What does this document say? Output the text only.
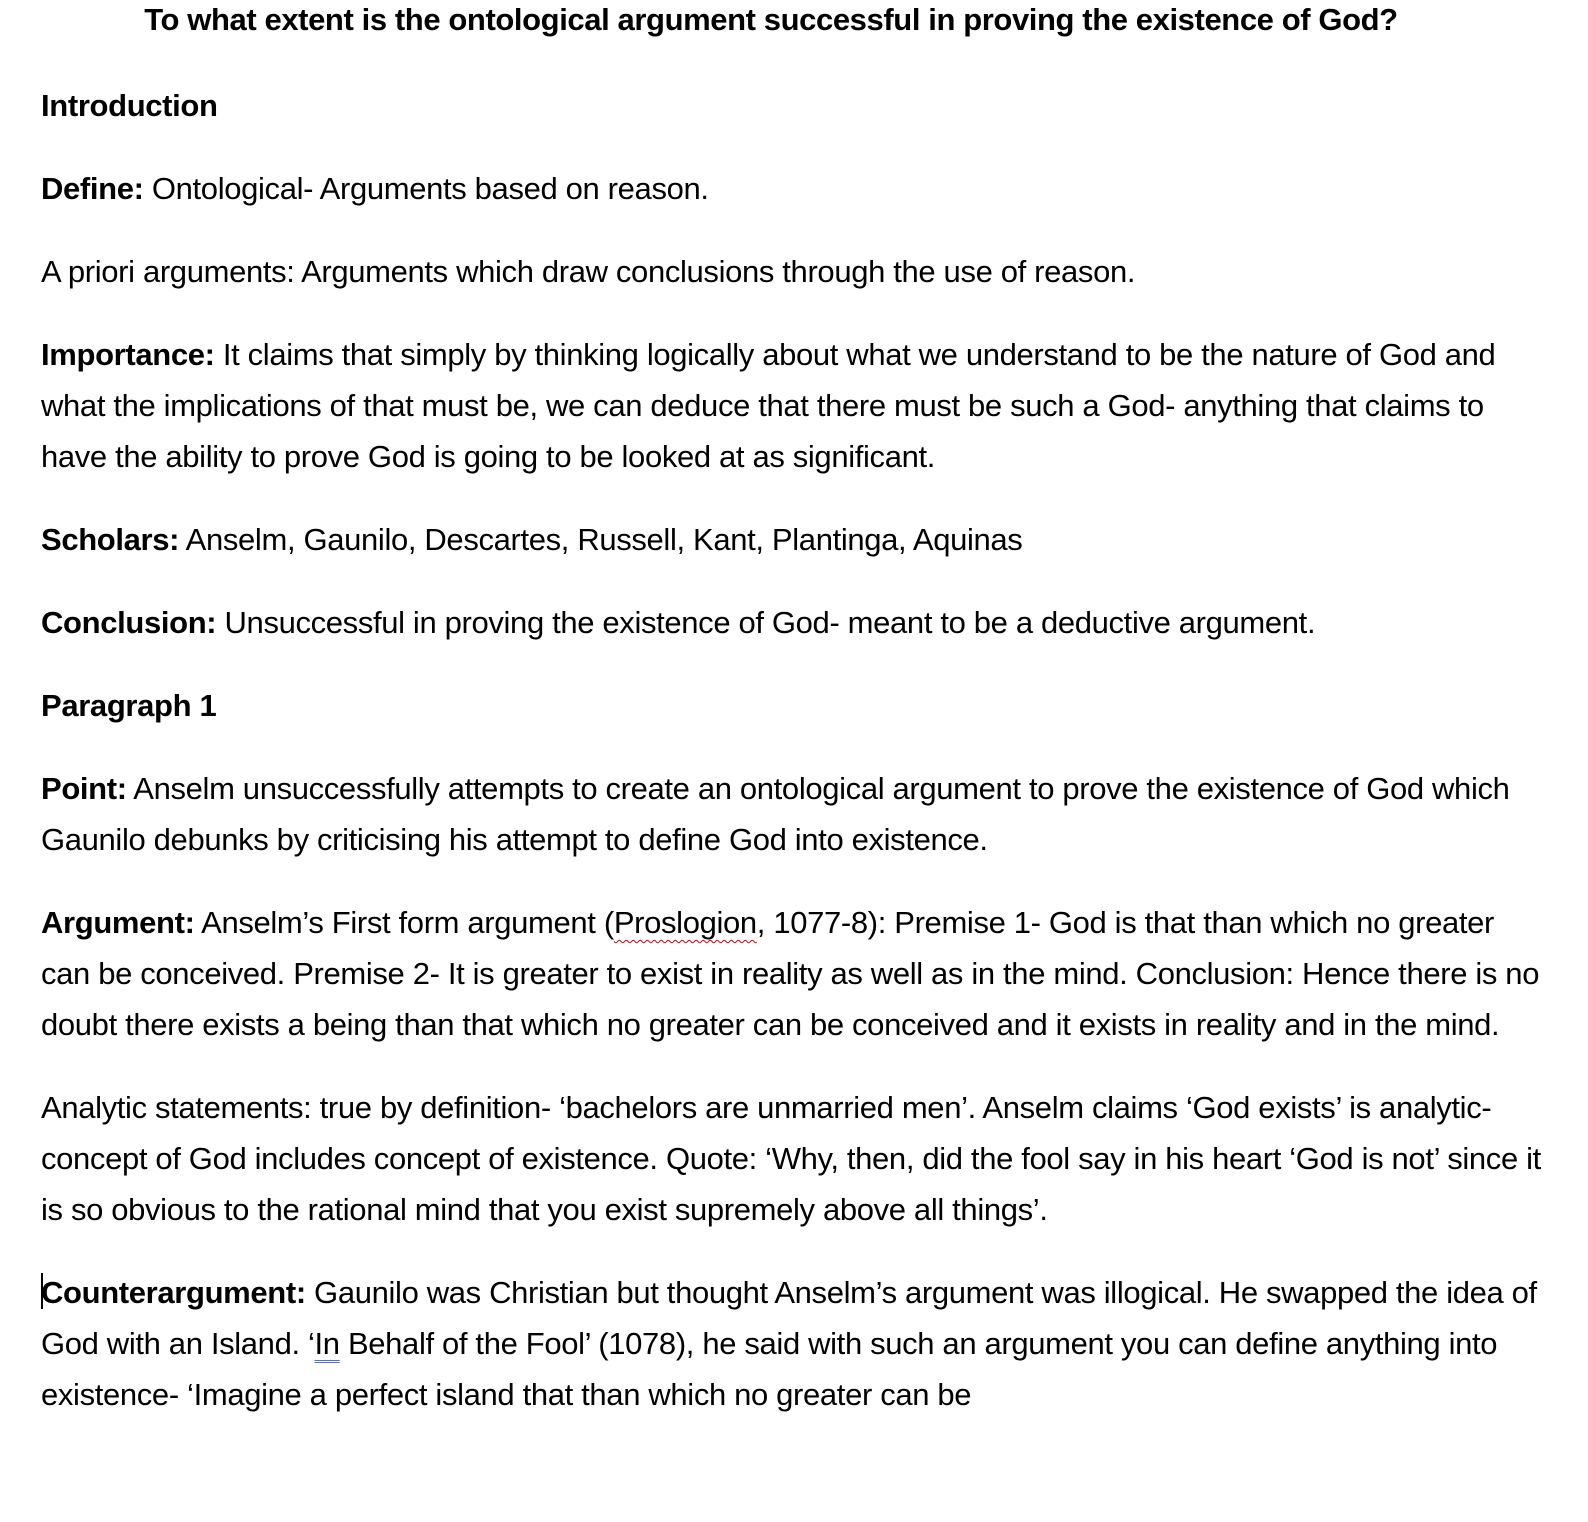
To what extent is the ontological argument successful in proving the existence of God?

Introduction

Define: Ontological- Arguments based on reason.

A priori arguments: Arguments which draw conclusions through the use of reason.

Importance: It claims that simply by thinking logically about what we understand to be the nature of God and what the implications of that must be, we can deduce that there must be such a God- anything that claims to have the ability to prove God is going to be looked at as significant.

Scholars: Anselm, Gaunilo, Descartes, Russell, Kant, Plantinga, Aquinas

Conclusion: Unsuccessful in proving the existence of God- meant to be a deductive argument.

Paragraph 1

Point: Anselm unsuccessfully attempts to create an ontological argument to prove the existence of God which Gaunilo debunks by criticising his attempt to define God into existence.

Argument: Anselm’s First form argument (Proslogion, 1077-8): Premise 1- God is that than which no greater can be conceived. Premise 2- It is greater to exist in reality as well as in the mind. Conclusion: Hence there is no doubt there exists a being than that which no greater can be conceived and it exists in reality and in the mind.

Analytic statements: true by definition- ‘bachelors are unmarried men’. Anselm claims ‘God exists’ is analytic- concept of God includes concept of existence. Quote: ‘Why, then, did the fool say in his heart ‘God is not’ since it is so obvious to the rational mind that you exist supremely above all things’.

Counterargument: Gaunilo was Christian but thought Anselm’s argument was illogical. He swapped the idea of God with an Island. ‘In Behalf of the Fool’ (1078), he said with such an argument you can define anything into existence- ‘Imagine a perfect island that than which no greater can be
